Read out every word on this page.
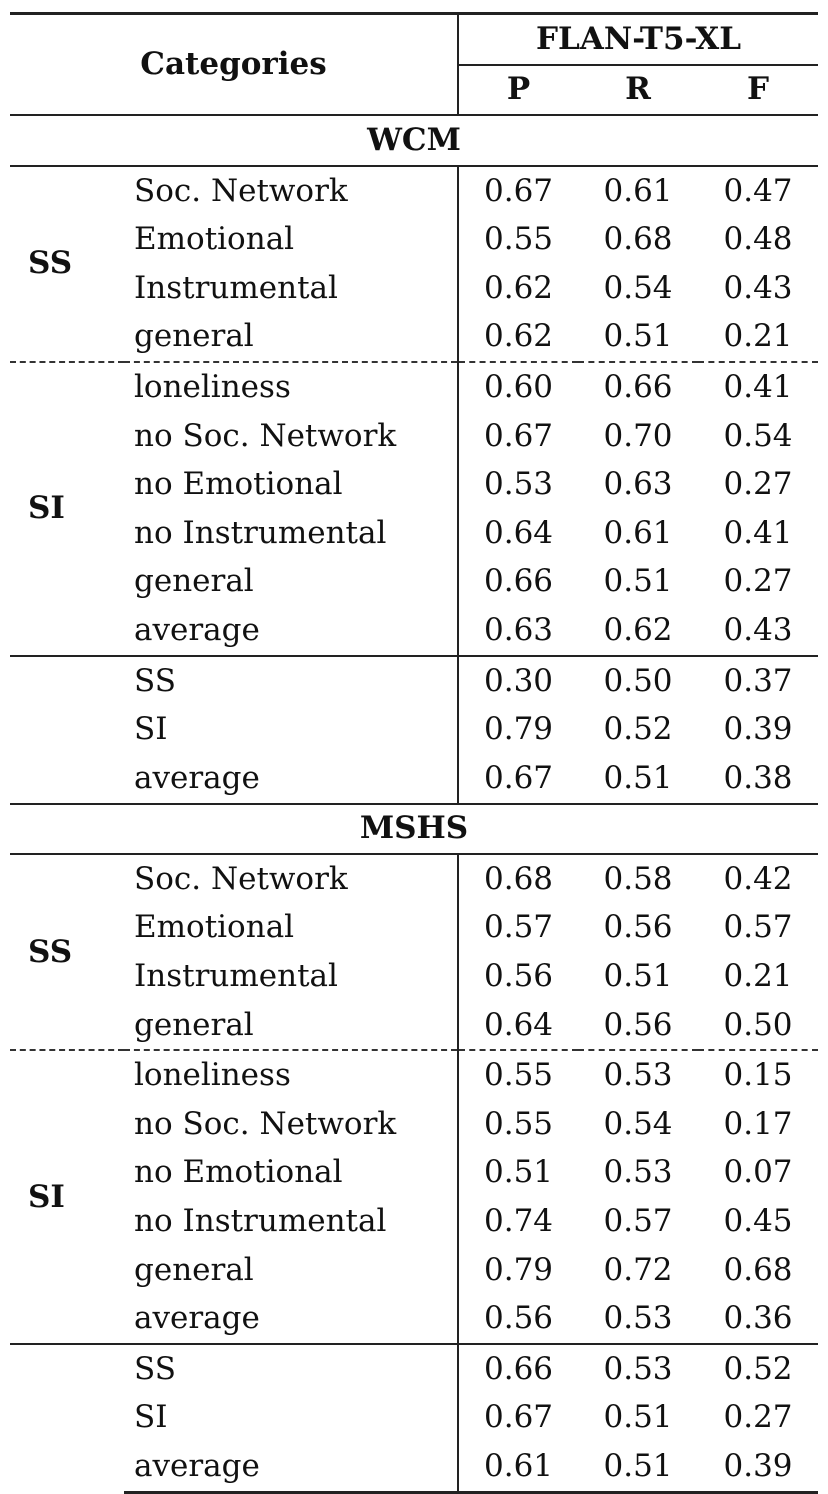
Categories		FLAN-T5-XL		
		P	R	F
WCM				
SS	Soc. Network	0.67	0.61	0.47
	Emotional	0.55	0.68	0.48
	Instrumental	0.62	0.54	0.43
	general	0.62	0.51	0.21
SI	loneliness	0.60	0.66	0.41
	no Soc. Network	0.67	0.70	0.54
	no Emotional	0.53	0.63	0.27
	no Instrumental	0.64	0.61	0.41
	general	0.66	0.51	0.27
	average	0.63	0.62	0.43
	SS	0.30	0.50	0.37
	SI	0.79	0.52	0.39
	average	0.67	0.51	0.38
MSHS				
SS	Soc. Network	0.68	0.58	0.42
	Emotional	0.57	0.56	0.57
	Instrumental	0.56	0.51	0.21
	general	0.64	0.56	0.50
SI	loneliness	0.55	0.53	0.15
	no Soc. Network	0.55	0.54	0.17
	no Emotional	0.51	0.53	0.07
	no Instrumental	0.74	0.57	0.45
	general	0.79	0.72	0.68
	average	0.56	0.53	0.36
	SS	0.66	0.53	0.52
	SI	0.67	0.51	0.27
	average	0.61	0.51	0.39
